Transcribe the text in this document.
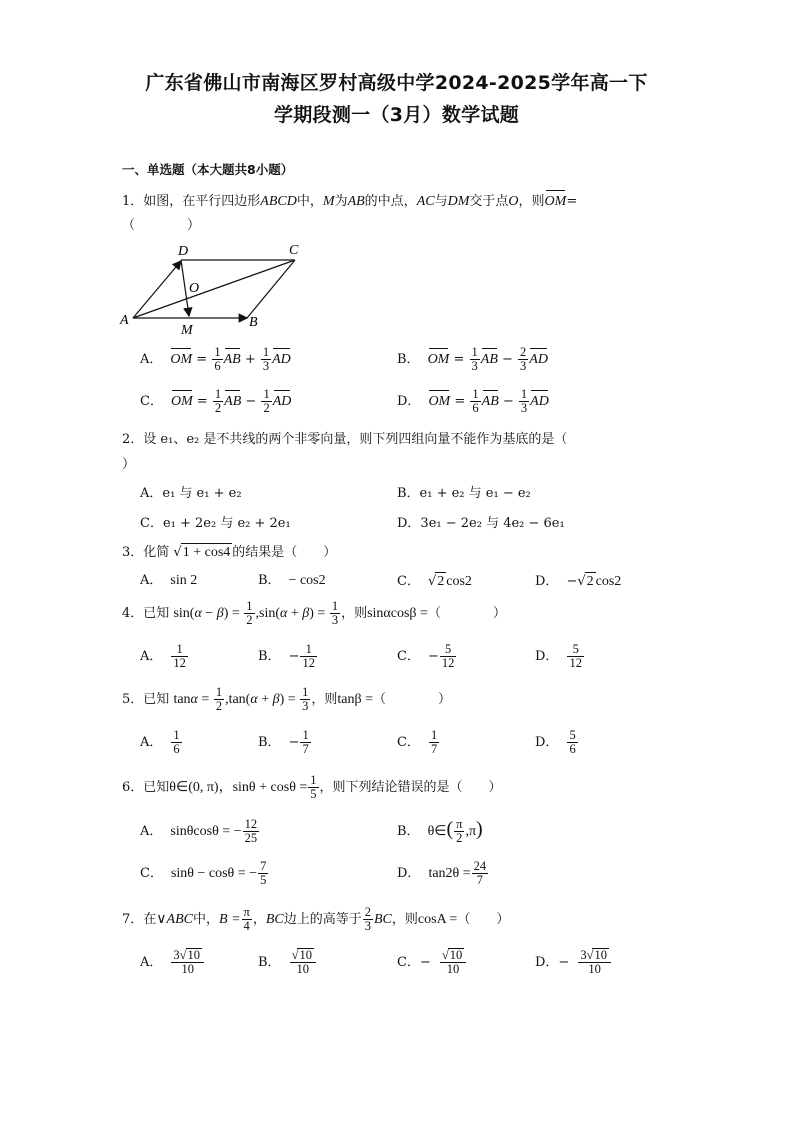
广东省佛山市南海区罗村高级中学2024-2025学年高一下
学期段测一（3月）数学试题
一、单选题（本大题共8小题）
1．如图，在平行四边形ABCD中，M为AB的中点，AC与DM交于点O，则OM=
（　　　　）
D	C
A	B
O
M
A． OM = $\frac{1}{6}$ AB + $\frac{1}{3}$ AD	B． OM = $\frac{1}{3}$ AB − $\frac{2}{3}$ AD
C． OM = $\frac{1}{2}$ AB − $\frac{1}{2}$ AD	D． OM = $\frac{1}{6}$ AB − $\frac{1}{3}$ AD
2．设 e₁、e₂ 是不共线的两个非零向量，则下列四组向量不能作为基底的是（
）
A．e₁ 与 e₁ + e₂	B．e₁ + e₂ 与 e₁ − e₂
C．e₁ + 2e₂ 与 e₂ + 2e₁	D．3e₁ − 2e₂ 与 4e₂ − 6e₁
3．化简 √1 + cos4 的结果是（　　）
A． sin 2	B． − cos2	C． √2 cos2	D． −√2 cos2
4．已知 $\sin(\alpha - \beta) = \frac{1}{2} ,\sin(\alpha + \beta) = \frac{1}{3}$ ，则sinαcosβ =（　　　　）
A． $\frac{1}{12}$	B． − $\frac{1}{12}$	C． − $\frac{5}{12}$	D． $\frac{5}{12}$
5．已知 $\tan\alpha = \frac{1}{2} ,\tan(\alpha + \beta) = \frac{1}{3}$ ，则tanβ =（　　　　）
A． $\frac{1}{6}$	B． − $\frac{1}{7}$	C． $\frac{1}{7}$	D． $\frac{5}{6}$
6．已知θ∈(0, π)，$\sin\theta + \cos\theta = \frac{1}{5}$ ，则下列结论错误的是（　　）
A． sinθcosθ = − $\frac{12}{25}$	B． θ∈( $\frac{\pi}{2} ,\pi$)
C． sinθ − cosθ = − $\frac{7}{5}$	D． $\tan 2\theta = \frac{24}{7}$
7．在∨ABC中，$B = \frac{\pi}{4}$ ，BC边上的高等于 $\frac{2}{3}$ BC，则cosA =（　　）
A． $\frac{3√10}{10}$	B． $\frac{√10}{10}$	C．− $\frac{√10}{10}$	D．− $\frac{3√10}{10}$
